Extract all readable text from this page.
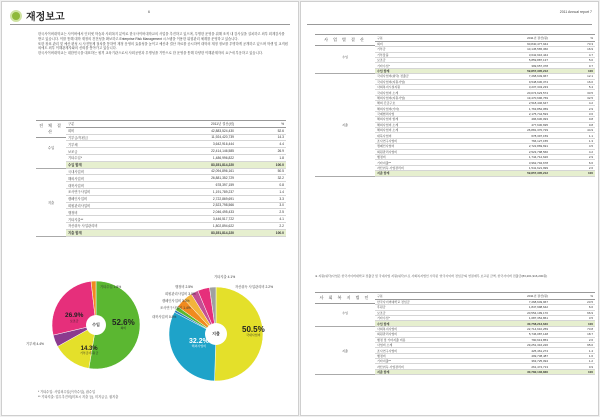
재정보고	6

한국사이버대학교는 사이버에서 인터넷 학습과 사회복지 분야로 한국사이버대학교의 사업을 추진하고 있으며, 투명한 운영을 위해 조직 내 감사실을 설치하고 외부 회계감사를 받고 있습니다. 이를 통해 대학 재정의 건전성을 확보하고 Enterprise Risk Management 시스템을 이용한 위험관리 체계를 운영하고 있습니다.

또한 장표 관리 및 예산 편성 시 사전통제 절차를 통하여 재정 운영의 효율성을 높이고 예산과 결산 자료를 공시하여 대학의 재정 정보를 투명하게 공개하고 있으며 학생 및 교직원 외에도 외부 이해관계자와의 신뢰를 쌓아가고 있습니다.

한국사이버대학교는 대한민국을 대표하는 원격 교육기관으로서 사회공헌과 투명성을 기반으로 한 운영을 통해 다양한 이해관계자의 요구에 부응하고 있습니다.

전 체 결 산
	구분	2011년 결산(원)	%
수입	회비	42,883,524,430	52.6
	기부금/후원금	11,924,420,739	14.3
	기부채	3,642,916,444	4.4
	보조금	22,414,146,585	26.9
	기타수입*	1,486,996,822	1.8
	수입 합계	83,351,814,220	100.0
지출	국내사업비	42,094,896,161	50.5
	해외사업비	26,881,352,729	32.2
	대북사업비	678,397,159	0.8
	조사연구사업비	1,191,789,237	1.4
	캠페인사업비	2,722,869,691	3.3
	회원관리사업비	2,523,798,566	3.0
	행정비	2,046,495,433	2.5
	기타지출**	3,446,517,722	4.1
	자산취득 사업관리비	1,802,894,622	2.2
	지출 합계	83,351,814,220	100.0
수입	52.6%
회비
26.9%
보조금
14.3%
기부금/후원금
기타수입 1.8%
기부채 4.4%
지출	50.5%
국내사업비
32.2%
해외사업비
행정비 2.5%
회원관리사업비 3.0%
캠페인사업비 3.3%
조사연구사업비 1.4%
대북사업비 0.8%
기타지출 4.1%
자산취득 사업관리비 2.2%
* 기타수입: 사업외수입(이자수입), 잡수입
** 기타지출: 업무추진비(미표시 지출 등), 미지급금, 잡지출
2011 Annual report 7
사 업 별 결 산
		구분	2011년 결산(원)	%
수입	회비	60,840,477,944	73.3
	기부금	10,145,565,360	16.9
	기부물품	3,642,916,444	4.7
	보조금	5,859,887,137	5.0
	기타수입*	399,657,378	0.7
	수입 합계	59,857,305,212	100
지출	국내사업비(위탁) 전출금	7,268,649,967	12.1
	국내사업비(지원사업)	9,548,630,374	16.0
	사회복지시설지원	3,237,343,233	5.4
	국내사업비 소계	20,074,623,574	33.5
	해외사업비(지원사업)	19,470,696,769	32.5
	해외 긴급구호	2,518,446,647	4.2
	해외사업비(기타)	1,763,852,059	2.9
	국제협력사업	2,175,744,593	3.6
	해외사업비 합계	496,630,093	0.8
	해외사업비 소계	477,630,695	0.8
	해외사업비 소계	26,881,370,729	44.9
	대북사업비	678,397,159	1.1
	조사연구사업비	766,127,155	1.3
	캠페인사업비	2,722,869,691	4.5
	회원관리사업비	2,523,798,566	4.2
	행정비	1,744,712,626	2.9
	기타지출**	3,962,794,678	6.6
	자산취득 사업관리비	1,541,621,999	2.6
	지출 합계	59,857,305,212	100
※ 지원(위탁)사업은 한국사이버대학교 전출금 및 국내사업 지원(위탁)으로 사회복지법인 수탁된 '한국사이버 전입금'의 연결재무 보고된 금액, 한국사이버 전출금(83,201,916,200원)
사 회 복 지 법 인
		구분	2011년 결산(원)	%
수입	한국사이버대학교 전입금	7,268,649,967	23.5
	후원금	1,847,998,642	6.0
	보조금	20,554,199,170	66.9
	기타수입*	1,087,354,861	3.5
	수입 합계	30,758,212,640	100
지출	사회복지사업비	22,714,610,259	73.8
	회원관리사업비	5,746,087,148	18.7
	행정 및 기타지출 비용	790,613,853	2.6
	사업비 소계	29,251,316,226	95.0
	조사연구사업비	425,461,274	1.4
	행정비	499,738,487	1.6
	기타지출**	363,725,094	1.2
	자산취득 사업관리비	261,474,713	0.9
	지출 합계	30,782,102,830	100
